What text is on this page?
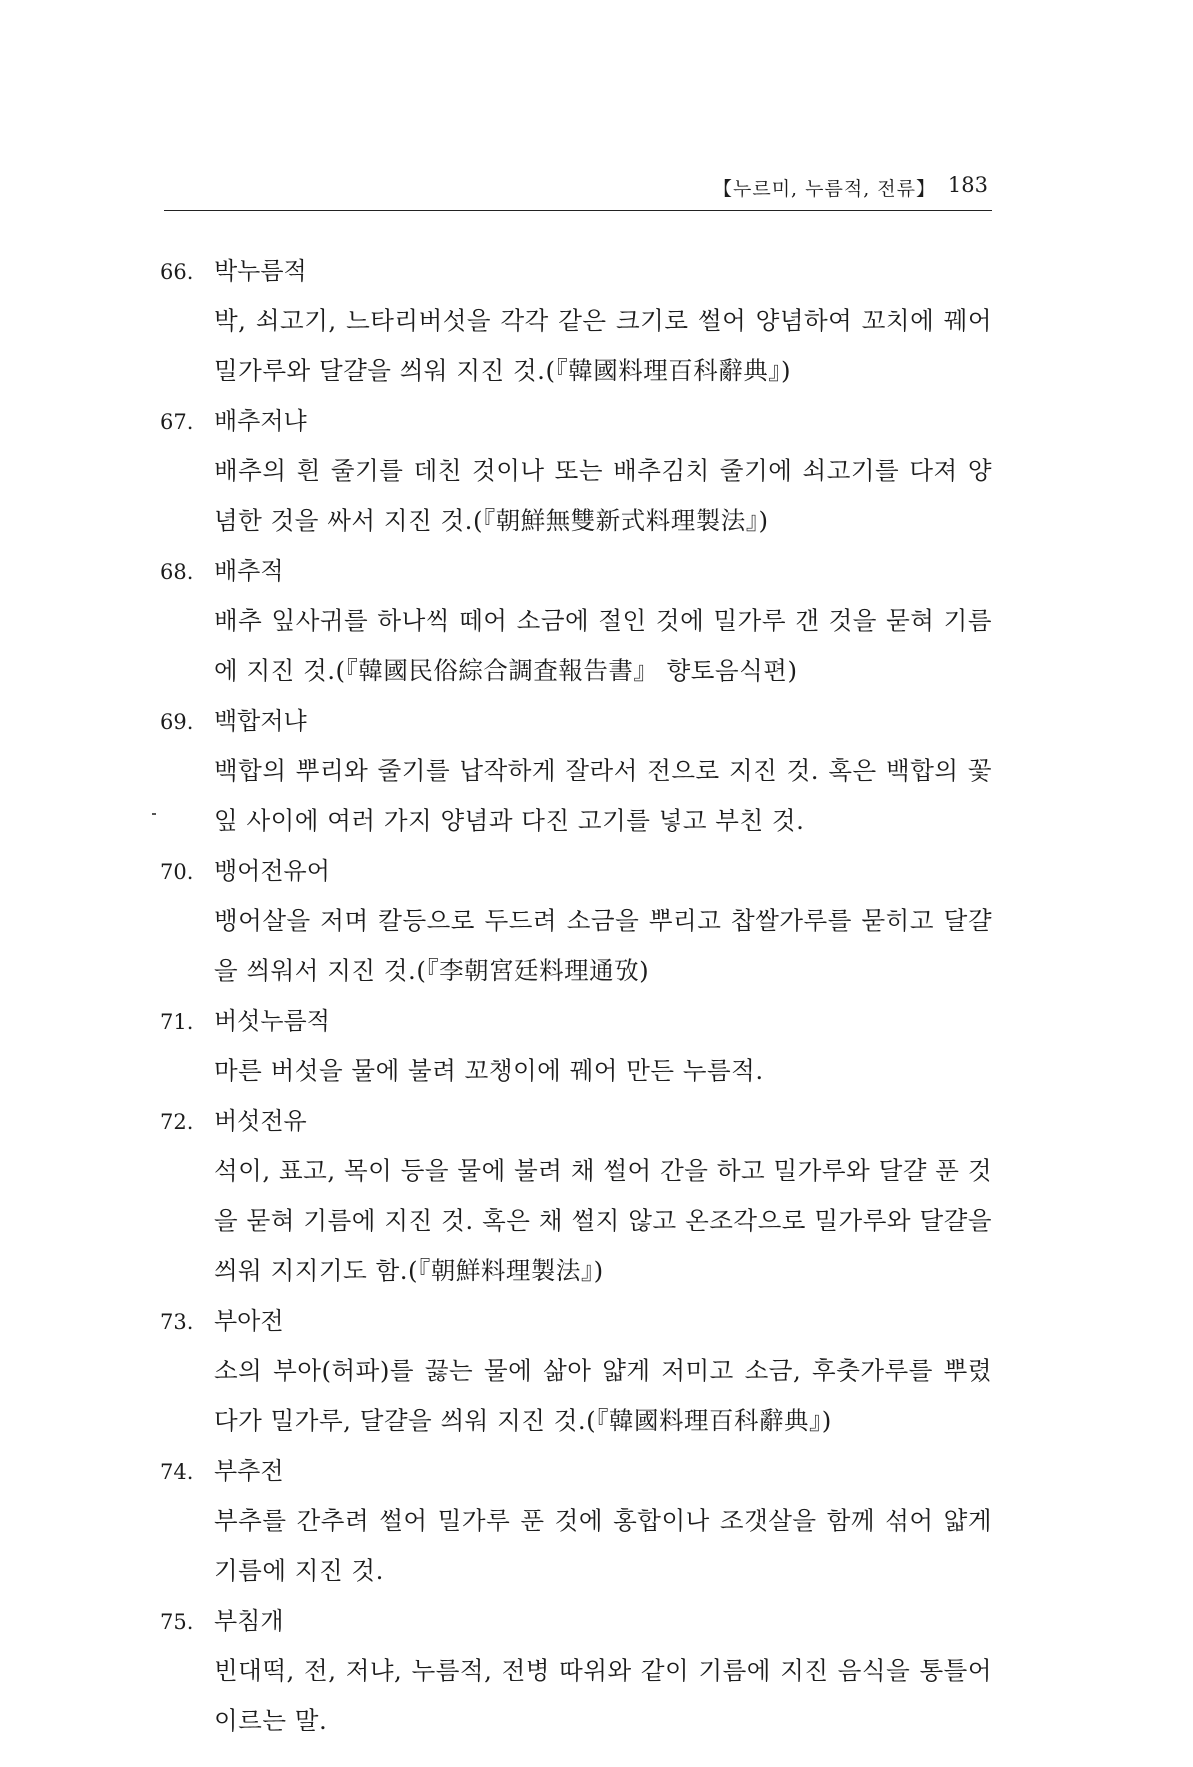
【누르미, 누름적, 전류】 183
66. 박누름적

박, 쇠고기, 느타리버섯을 각각 같은 크기로 썰어 양념하여 꼬치에 꿰어 밀가루와 달걀을 씌워 지진 것.(『韓國料理百科辭典』)

67. 배추저냐

배추의 흰 줄기를 데친 것이나 또는 배추김치 줄기에 쇠고기를 다져 양념한 것을 싸서 지진 것.(『朝鮮無雙新式料理製法』)

68. 배추적

배추 잎사귀를 하나씩 떼어 소금에 절인 것에 밀가루 갠 것을 묻혀 기름에 지진 것.(『韓國民俗綜合調査報告書』 향토음식편)

69. 백합저냐

백합의 뿌리와 줄기를 납작하게 잘라서 전으로 지진 것. 혹은 백합의 꽃잎 사이에 여러 가지 양념과 다진 고기를 넣고 부친 것.

70. 뱅어전유어

뱅어살을 저며 칼등으로 두드려 소금을 뿌리고 찹쌀가루를 묻히고 달걀을 씌워서 지진 것.(『李朝宮廷料理通攷)

71. 버섯누름적

마른 버섯을 물에 불려 꼬챙이에 꿰어 만든 누름적.

72. 버섯전유

석이, 표고, 목이 등을 물에 불려 채 썰어 간을 하고 밀가루와 달걀 푼 것을 묻혀 기름에 지진 것. 혹은 채 썰지 않고 온조각으로 밀가루와 달걀을 씌워 지지기도 함.(『朝鮮料理製法』)

73. 부아전

소의 부아(허파)를 끓는 물에 삶아 얇게 저미고 소금, 후춧가루를 뿌렸다가 밀가루, 달걀을 씌워 지진 것.(『韓國料理百科辭典』)

74. 부추전

부추를 간추려 썰어 밀가루 푼 것에 홍합이나 조갯살을 함께 섞어 얇게 기름에 지진 것.

75. 부침개

빈대떡, 전, 저냐, 누름적, 전병 따위와 같이 기름에 지진 음식을 통틀어 이르는 말.
